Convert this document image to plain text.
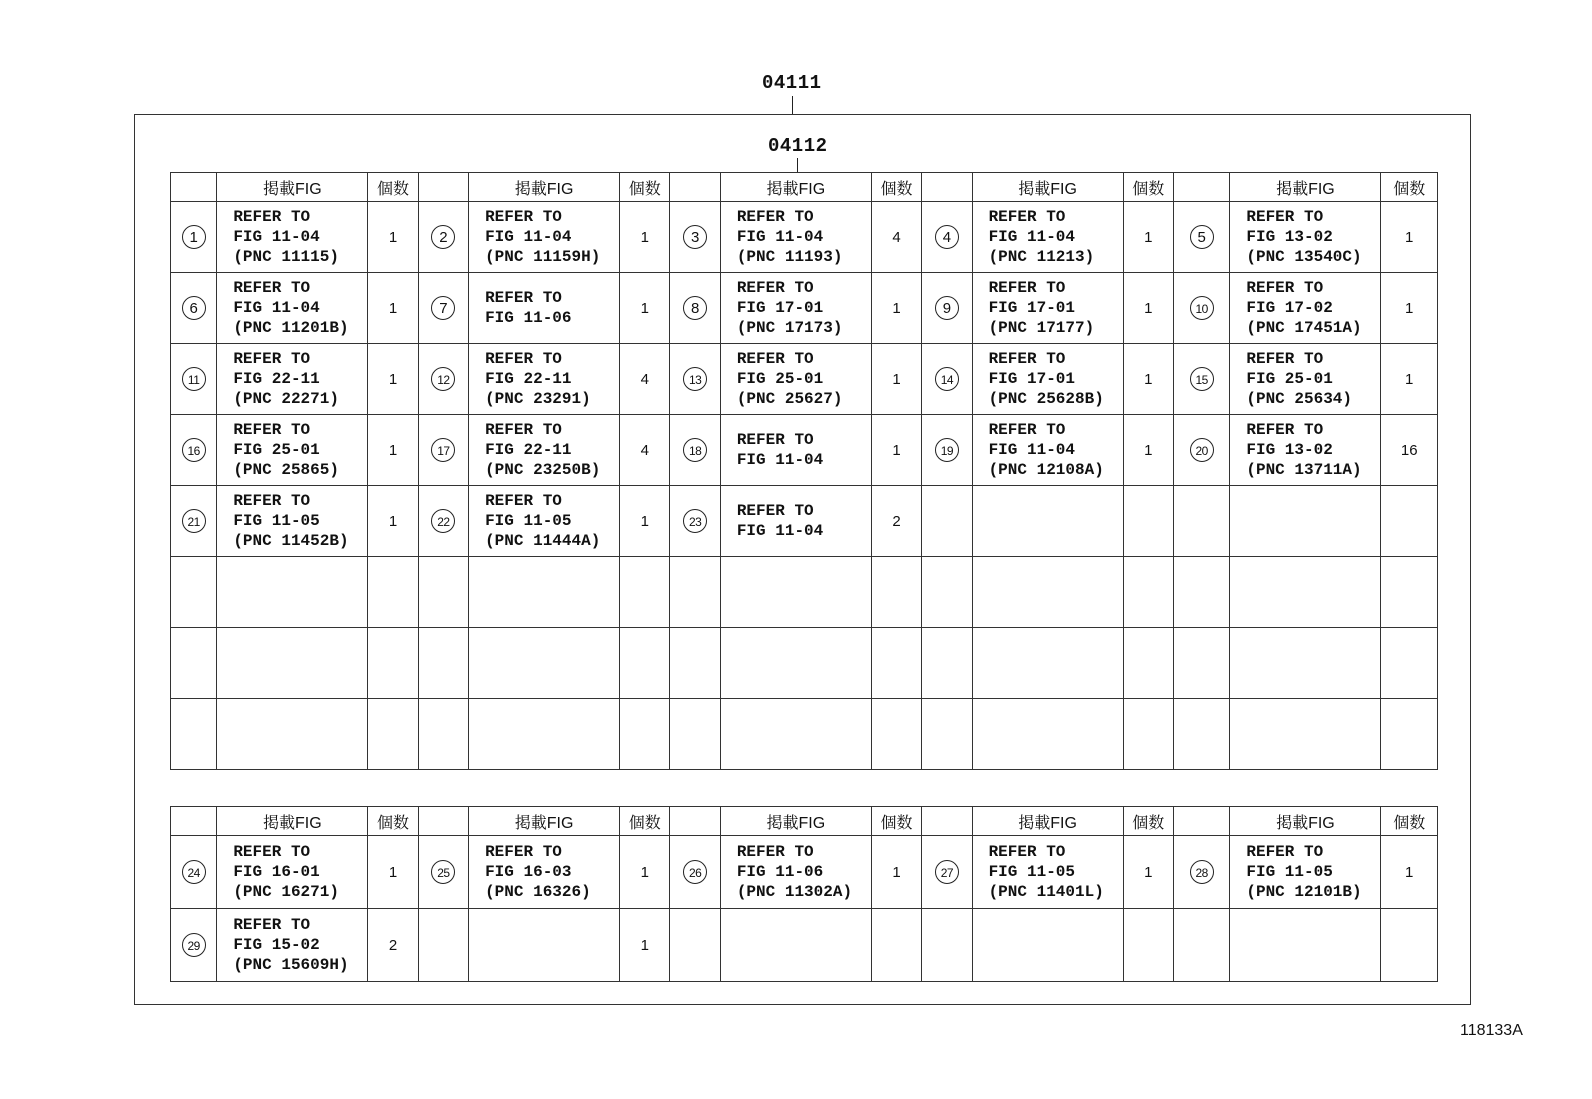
04111
04112
	掲載FIG	個数		掲載FIG	個数		掲載FIG	個数		掲載FIG	個数		掲載FIG	個数
1	REFER TO
FIG 11-04
(PNC 11115)	1	2	REFER TO
FIG 11-04
(PNC 11159H)	1	3	REFER TO
FIG 11-04
(PNC 11193)	4	4	REFER TO
FIG 11-04
(PNC 11213)	1	5	REFER TO
FIG 13-02
(PNC 13540C)	1
6	REFER TO
FIG 11-04
(PNC 11201B)	1	7	REFER TO
FIG 11-06	1	8	REFER TO
FIG 17-01
(PNC 17173)	1	9	REFER TO
FIG 17-01
(PNC 17177)	1	10	REFER TO
FIG 17-02
(PNC 17451A)	1
11	REFER TO
FIG 22-11
(PNC 22271)	1	12	REFER TO
FIG 22-11
(PNC 23291)	4	13	REFER TO
FIG 25-01
(PNC 25627)	1	14	REFER TO
FIG 17-01
(PNC 25628B)	1	15	REFER TO
FIG 25-01
(PNC 25634)	1
16	REFER TO
FIG 25-01
(PNC 25865)	1	17	REFER TO
FIG 22-11
(PNC 23250B)	4	18	REFER TO
FIG 11-04	1	19	REFER TO
FIG 11-04
(PNC 12108A)	1	20	REFER TO
FIG 13-02
(PNC 13711A)	16
21	REFER TO
FIG 11-05
(PNC 11452B)	1	22	REFER TO
FIG 11-05
(PNC 11444A)	1	23	REFER TO
FIG 11-04	2						

	掲載FIG	個数		掲載FIG	個数		掲載FIG	個数		掲載FIG	個数		掲載FIG	個数
24	REFER TO
FIG 16-01
(PNC 16271)	1	25	REFER TO
FIG 16-03
(PNC 16326)	1	26	REFER TO
FIG 11-06
(PNC 11302A)	1	27	REFER TO
FIG 11-05
(PNC 11401L)	1	28	REFER TO
FIG 11-05
(PNC 12101B)	1
29	REFER TO
FIG 15-02
(PNC 15609H)	2			1									
118133A
